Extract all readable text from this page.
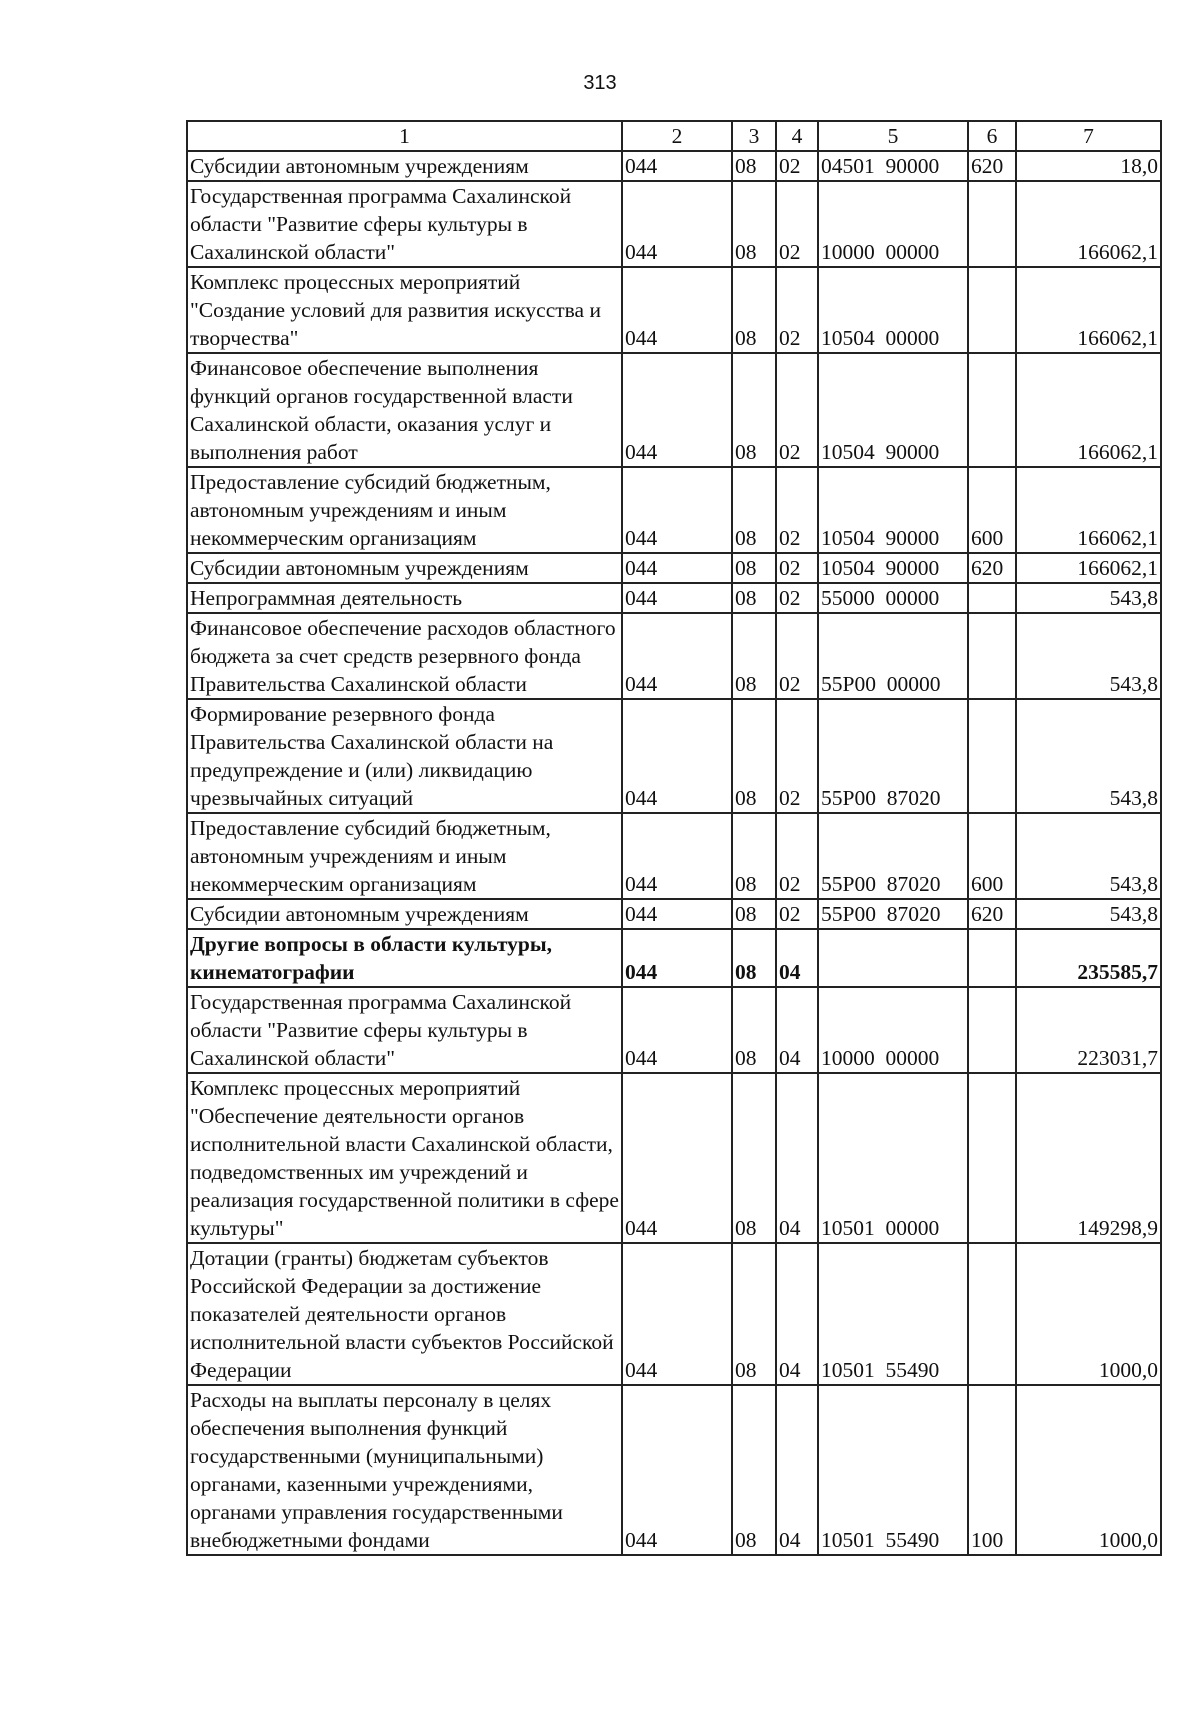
313
1	2	3	4	5	6	7
Субсидии автономным учреждениям	044	08	02	04501  90000	620	18,0
Государственная программа Сахалинской области "Развитие сферы культуры в Сахалинской области"	044	08	02	10000  00000		166062,1
Комплекс процессных мероприятий "Создание условий для развития искусства и творчества"	044	08	02	10504  00000		166062,1
Финансовое обеспечение выполнения функций органов государственной власти Сахалинской области, оказания услуг и выполнения работ	044	08	02	10504  90000		166062,1
Предоставление субсидий бюджетным, автономным учреждениям и иным некоммерческим организациям	044	08	02	10504  90000	600	166062,1
Субсидии автономным учреждениям	044	08	02	10504  90000	620	166062,1
Непрограммная деятельность	044	08	02	55000  00000		543,8
Финансовое обеспечение расходов областного бюджета за счет средств резервного фонда Правительства Сахалинской области	044	08	02	55Р00  00000		543,8
Формирование резервного фонда Правительства Сахалинской области на предупреждение и (или) ликвидацию чрезвычайных ситуаций	044	08	02	55Р00  87020		543,8
Предоставление субсидий бюджетным, автономным учреждениям и иным некоммерческим организациям	044	08	02	55Р00  87020	600	543,8
Субсидии автономным учреждениям	044	08	02	55Р00  87020	620	543,8
Другие вопросы в области культуры, кинематографии	044	08	04			235585,7
Государственная программа Сахалинской области "Развитие сферы культуры в Сахалинской области"	044	08	04	10000  00000		223031,7
Комплекс процессных мероприятий "Обеспечение деятельности органов исполнительной власти Сахалинской области, подведомственных им учреждений и реализация государственной политики в сфере культуры"	044	08	04	10501  00000		149298,9
Дотации (гранты) бюджетам субъектов Российской Федерации за достижение показателей деятельности органов исполнительной власти субъектов Российской Федерации	044	08	04	10501  55490		1000,0
Расходы на выплаты персоналу в целях обеспечения выполнения функций государственными (муниципальными) органами, казенными учреждениями, органами управления государственными внебюджетными фондами	044	08	04	10501  55490	100	1000,0
